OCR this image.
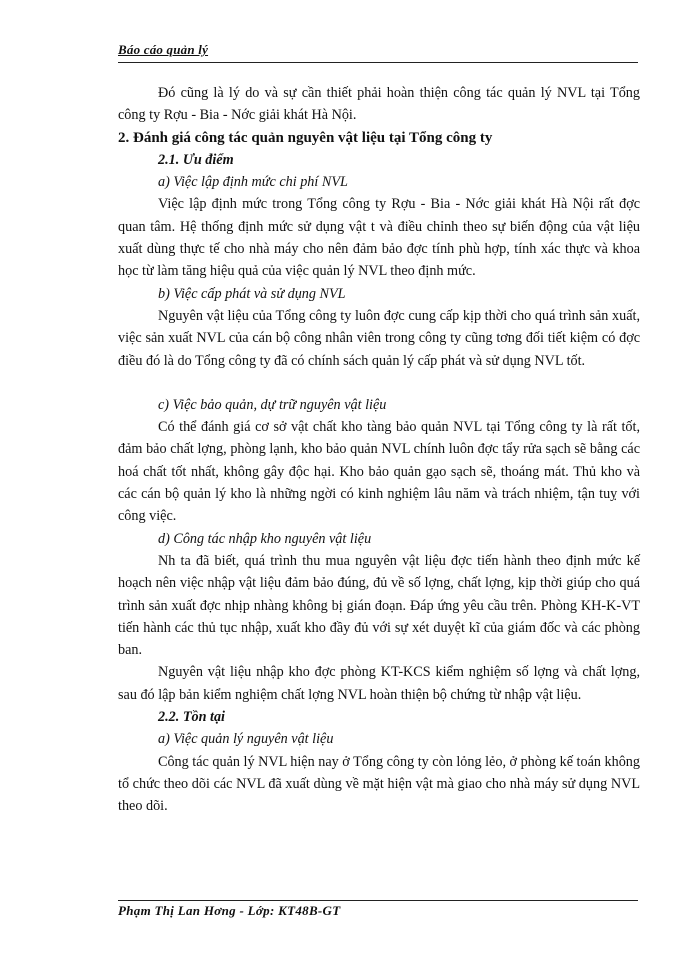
Báo cáo quản lý

Đó cũng là lý do và sự cần thiết phải hoàn thiện công tác quản lý NVL tại Tổng công ty Rợu - Bia - Nớc giải khát Hà Nội.

2. Đánh giá công tác quản nguyên vật liệu tại Tổng công ty

2.1. Ưu điểm

a) Việc lập định mức chi phí NVL

Việc lập định mức trong Tổng công ty Rợu - Bia - Nớc giải khát Hà Nội rất đợc quan tâm. Hệ thống định mức sử dụng vật t và điều chỉnh theo sự biến động của vật liệu xuất dùng thực tế cho nhà máy cho nên đảm bảo đợc tính phù hợp, tính xác thực và khoa học từ làm tăng hiệu quả của việc quản lý NVL theo định mức.

b) Việc cấp phát và sử dụng NVL

Nguyên vật liệu của Tổng công ty luôn đợc cung cấp kịp thời cho quá trình sản xuất, việc sản xuất NVL của cán bộ công nhân viên trong công ty cũng tơng đối tiết kiệm có đợc điều đó là do Tổng công ty đã có chính sách quản lý cấp phát và sử dụng NVL tốt.

c) Việc bảo quản, dự trữ nguyên vật liệu

Có thể đánh giá cơ sở vật chất kho tàng bảo quản NVL tại Tổng công ty là rất tốt, đảm bảo chất lợng, phòng lạnh, kho bảo quản NVL chính luôn đợc tẩy rửa sạch sẽ bằng các hoá chất tốt nhất, không gây độc hại. Kho bảo quản gạo sạch sẽ, thoáng mát. Thủ kho và các cán bộ quản lý kho là những ngời có kinh nghiệm lâu năm và trách nhiệm, tận tuỵ với công việc.

d) Công tác nhập kho nguyên vật liệu

Nh ta đã biết, quá trình thu mua nguyên vật liệu đợc tiến hành theo định mức kế hoạch nên việc nhập vật liệu đảm bảo đúng, đủ về số lợng, chất lợng, kịp thời giúp cho quá trình sản xuất đợc nhịp nhàng không bị gián đoạn. Đáp ứng yêu cầu trên. Phòng KH-K-VT tiến hành các thủ tục nhập, xuất kho đầy đủ với sự xét duyệt kĩ của giám đốc và các phòng ban.

Nguyên vật liệu nhập kho đợc phòng KT-KCS kiểm nghiệm số lợng và chất lợng, sau đó lập bản kiểm nghiệm chất lợng NVL hoàn thiện bộ chứng từ nhập vật liệu.

2.2. Tồn tại

a) Việc quản lý nguyên vật liệu

Công tác quản lý NVL hiện nay ở Tổng công ty còn lỏng lẻo, ở phòng kế toán không tổ chức theo dõi các NVL đã xuất dùng về mặt hiện vật mà giao cho nhà máy sử dụng NVL theo dõi.

Phạm Thị Lan Hơng - Lớp: KT48B-GT
